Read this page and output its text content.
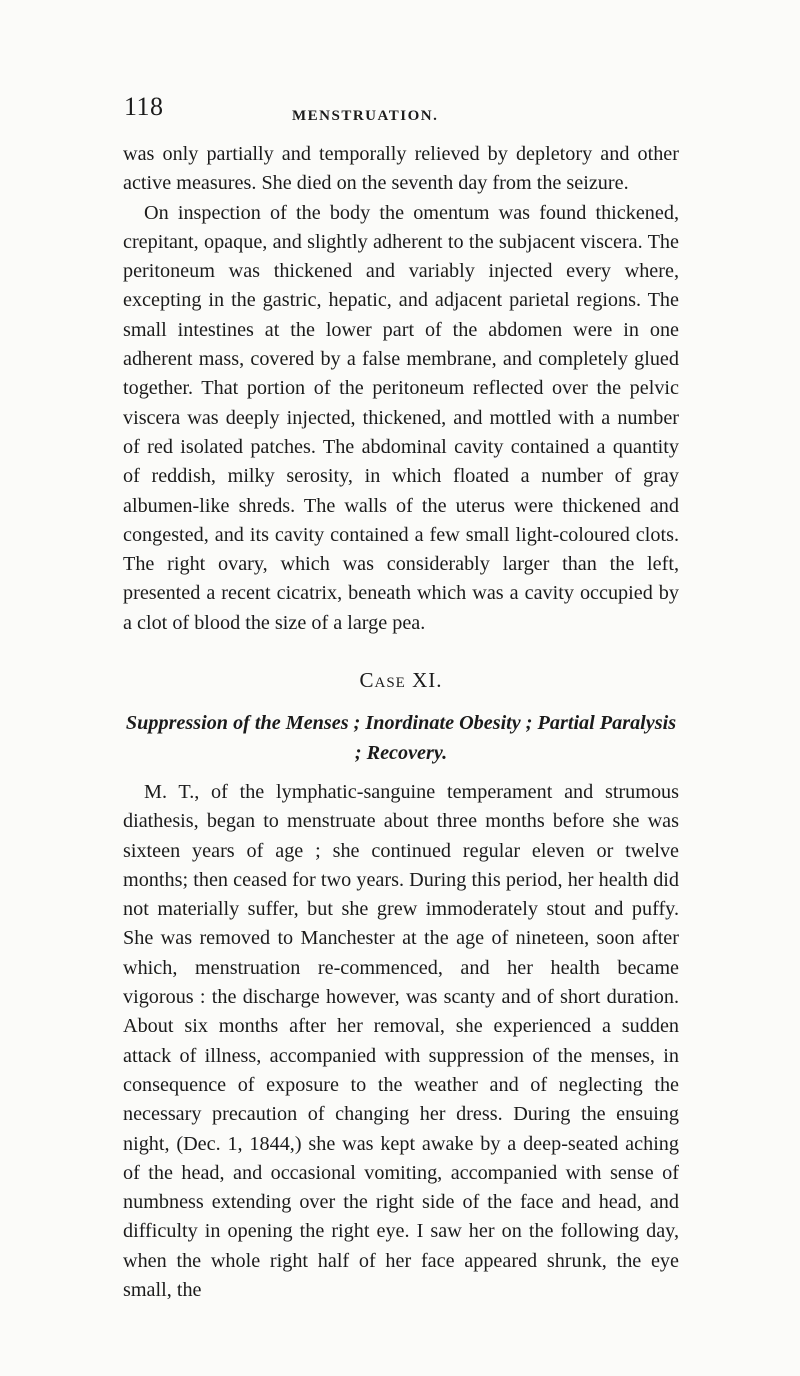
118	MENSTRUATION.

was only partially and temporally relieved by depletory and other active measures. She died on the seventh day from the seizure.

On inspection of the body the omentum was found thickened, crepitant, opaque, and slightly adherent to the subjacent viscera. The peritoneum was thickened and variably injected every where, excepting in the gastric, hepatic, and adjacent parietal regions. The small intestines at the lower part of the abdomen were in one adherent mass, covered by a false membrane, and completely glued together. That portion of the peritoneum reflected over the pelvic viscera was deeply injected, thickened, and mottled with a number of red isolated patches. The abdominal cavity contained a quantity of reddish, milky serosity, in which floated a number of gray albumen-like shreds. The walls of the uterus were thickened and congested, and its cavity contained a few small light-coloured clots. The right ovary, which was considerably larger than the left, presented a recent cicatrix, beneath which was a cavity occupied by a clot of blood the size of a large pea.

Case XI.

Suppression of the Menses ; Inordinate Obesity ; Partial Paralysis ; Recovery.

M. T., of the lymphatic-sanguine temperament and strumous diathesis, began to menstruate about three months before she was sixteen years of age ; she continued regular eleven or twelve months; then ceased for two years. During this period, her health did not materially suffer, but she grew immoderately stout and puffy. She was removed to Manchester at the age of nineteen, soon after which, menstruation re-commenced, and her health became vigorous : the discharge however, was scanty and of short duration. About six months after her removal, she experienced a sudden attack of illness, accompanied with suppression of the menses, in consequence of exposure to the weather and of neglecting the necessary precaution of changing her dress. During the ensuing night, (Dec. 1, 1844,) she was kept awake by a deep-seated aching of the head, and occasional vomiting, accompanied with sense of numbness extending over the right side of the face and head, and difficulty in opening the right eye. I saw her on the following day, when the whole right half of her face appeared shrunk, the eye small, the
